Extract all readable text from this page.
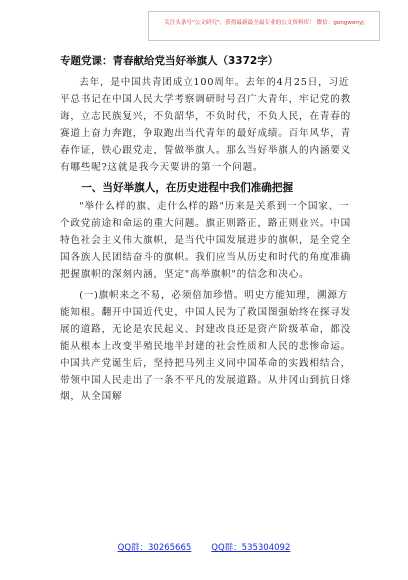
关注头条号"公文研究"，获得最新最全最专业的公文资料库！ 微信：gongwenyj
专题党课：青春献给党当好举旗人（3372字）

去年，是中国共青团成立100周年。去年的4月25日，习近平总书记在中国人民大学考察调研时号召广大青年，牢记党的教诲，立志民族复兴，不负韶华，不负时代，不负人民，在青春的赛道上奋力奔跑，争取跑出当代青年的最好成绩。百年风华，青春作证，铁心跟党走，誓做举旗人。那么当好举旗人的内涵要义有哪些呢?这就是我今天要讲的第一个问题。

一、当好举旗人，在历史进程中我们准确把握

"举什么样的旗、走什么样的路"历来是关系到一个国家、一个政党前途和命运的重大问题。旗正则路正，路正则业兴。中国特色社会主义伟大旗帜，是当代中国发展进步的旗帜，是全党全国各族人民团结奋斗的旗帜。我们应当从历史和时代的角度准确把握旗帜的深刻内涵，坚定"高举旗帜"的信念和决心。

(一)旗帜来之不易，必须倍加珍惜。明史方能知理，溯源方能知根。翻开中国近代史，中国人民为了救国图强始终在探寻发展的道路，无论是农民起义、封建改良还是资产阶级革命，都没能从根本上改变半殖民地半封建的社会性质和人民的悲惨命运。中国共产党诞生后，坚持把马列主义同中国革命的实践相结合，带领中国人民走出了一条不平凡的发展道路。从井冈山到抗日烽烟，从全国解

QQ群：30265665 QQ群：535304092
